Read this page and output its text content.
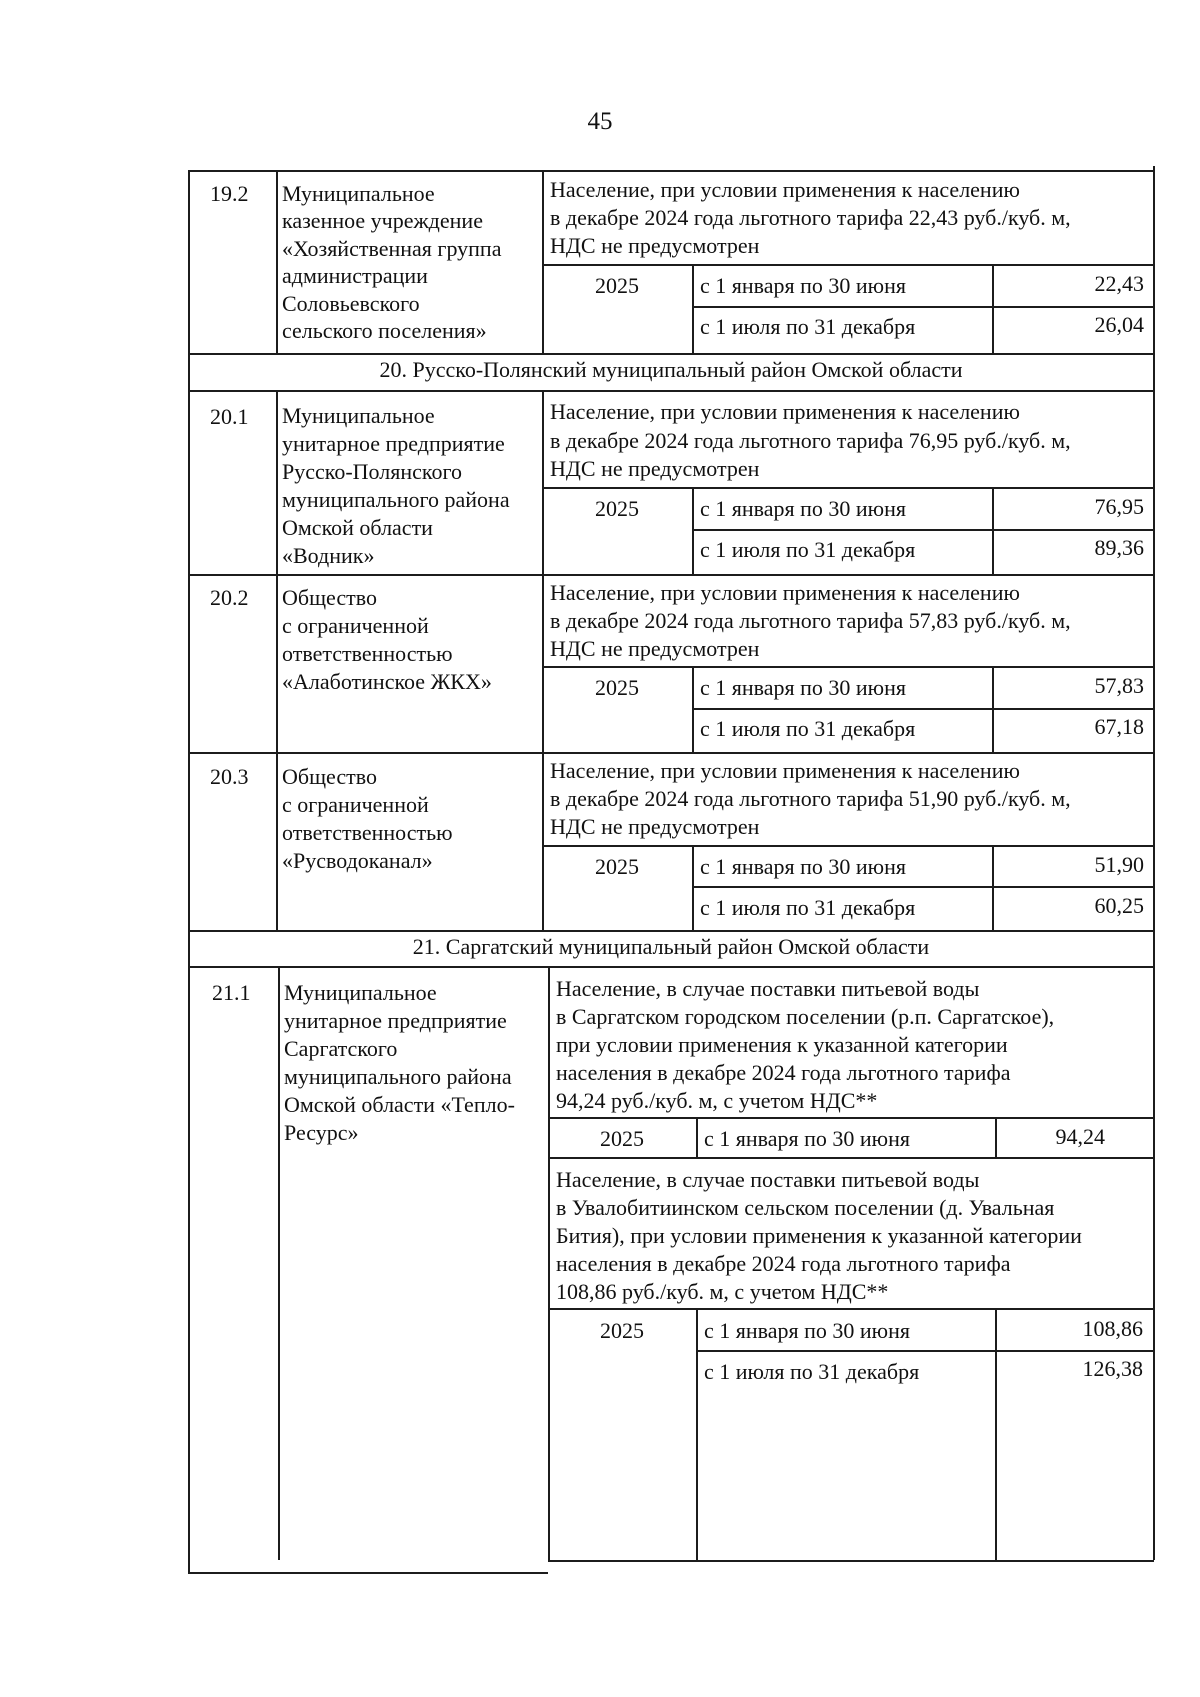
45
19.2 Муниципальное
казенное учреждение
«Хозяйственная группа
администрации
Соловьевского
сельского поселения»
Население, при условии применения к населению
в декабре 2024 года льготного тарифа 22,43 руб./куб. м,
НДС не предусмотрен
2025	с 1 января по 30 июня	22,43
с 1 июля по 31 декабря	26,04
20. Русско-Полянский муниципальный район Омской области
20.1 Муниципальное
унитарное предприятие
Русско-Полянского
муниципального района
Омской области
«Водник»
Население, при условии применения к населению
в декабре 2024 года льготного тарифа 76,95 руб./куб. м,
НДС не предусмотрен
2025	с 1 января по 30 июня	76,95
с 1 июля по 31 декабря	89,36
20.2 Общество
с ограниченной
ответственностью
«Алаботинское ЖКХ»
Население, при условии применения к населению
в декабре 2024 года льготного тарифа 57,83 руб./куб. м,
НДС не предусмотрен
2025	с 1 января по 30 июня	57,83
с 1 июля по 31 декабря	67,18
20.3 Общество
с ограниченной
ответственностью
«Русводоканал»
Население, при условии применения к населению
в декабре 2024 года льготного тарифа 51,90 руб./куб. м,
НДС не предусмотрен
2025	с 1 января по 30 июня	51,90
с 1 июля по 31 декабря	60,25
21. Саргатский муниципальный район Омской области
21.1 Муниципальное
унитарное предприятие
Саргатского
муниципального района
Омской области «Тепло-
Ресурс»
Население, в случае поставки питьевой воды
в Саргатском городском поселении (р.п. Саргатское),
при условии применения к указанной категории
населения в декабре 2024 года льготного тарифа
94,24 руб./куб. м, с учетом НДС**
2025	с 1 января по 30 июня	94,24
Население, в случае поставки питьевой воды
в Увалобитиинском сельском поселении (д. Увальная
Бития), при условии применения к указанной категории
населения в декабре 2024 года льготного тарифа
108,86 руб./куб. м, с учетом НДС**
2025	с 1 января по 30 июня	108,86
с 1 июля по 31 декабря	126,38
